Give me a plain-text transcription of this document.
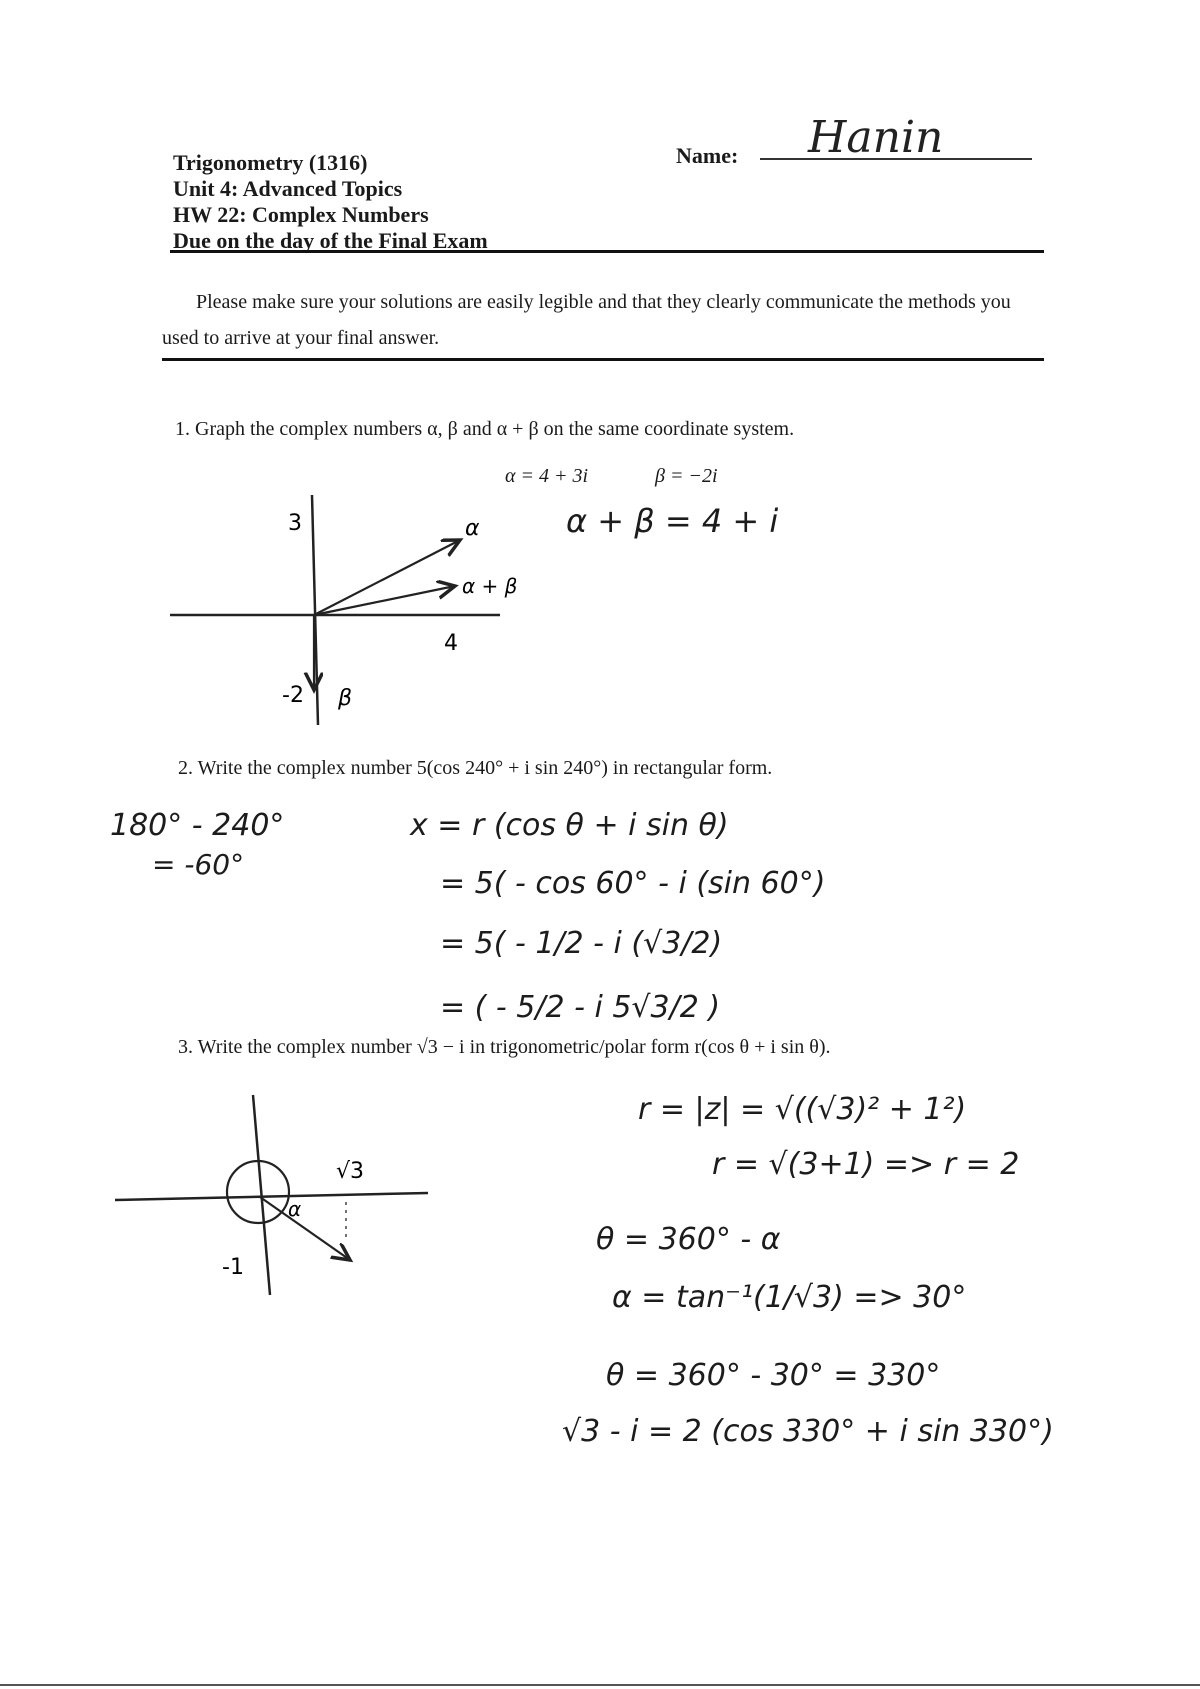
Trigonometry (1316)
Unit 4: Advanced Topics
HW 22: Complex Numbers
Due on the day of the Final Exam
Name: Hanin
Please make sure your solutions are easily legible and that they clearly communicate the methods you used to arrive at your final answer.
1. Graph the complex numbers α, β and α + β on the same coordinate system.
α = 4 + 3i	β = −2i
α + β = 4 + i
3
4
-2
α
α + β
β
2. Write the complex number 5(cos 240° + i sin 240°) in rectangular form.
180° - 240°
= -60°
x = r (cos θ + i sin θ)
= 5( - cos 60° - i (sin 60°)
= 5( - 1/2 - i (√3/2)
= ( - 5/2 - i 5√3/2 )
3. Write the complex number √3 − i in trigonometric/polar form r(cos θ + i sin θ).
√3
-1
α
r = |z| = √((√3)² + 1²)
r = √(3+1) => r = 2
θ = 360° - α
α = tan⁻¹(1/√3) => 30°
θ = 360° - 30° = 330°
√3 - i = 2 (cos 330° + i sin 330°)
